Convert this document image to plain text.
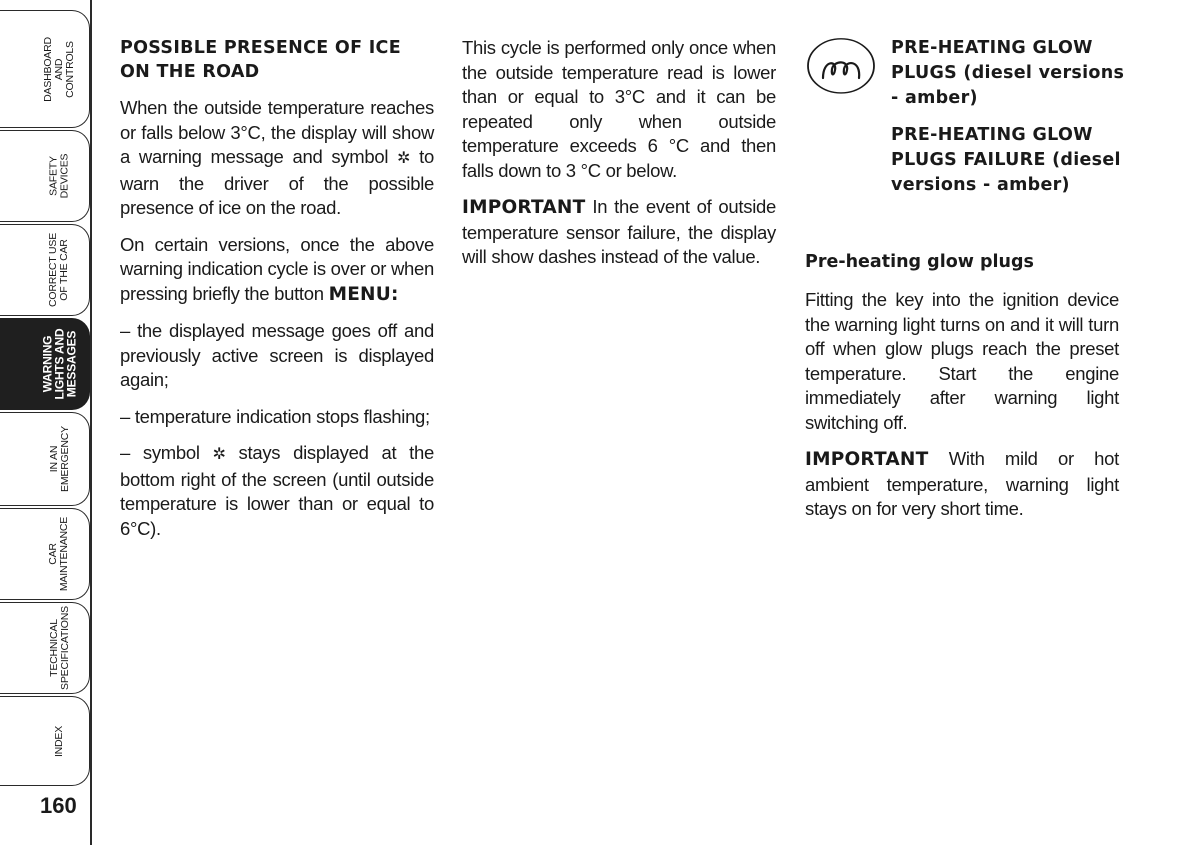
DASHBOARD
AND
CONTROLS
SAFETY
DEVICES
CORRECT USE
OF THE CAR
WARNING
LIGHTS AND
MESSAGES
IN AN
EMERGENCY
CAR
MAINTENANCE
TECHNICAL
SPECIFICATIONS
INDEX
160
POSSIBLE PRESENCE OF ICE ON THE ROAD

When the outside temperature reaches or falls below 3°C, the display will show a warning message and symbol ✲ to warn the driver of the possible presence of ice on the road.

On certain versions, once the above warning indication cycle is over or when pressing briefly the button MENU:

– the displayed message goes off and previously active screen is displayed again;

– temperature indication stops flashing;

– symbol ✲ stays displayed at the bottom right of the screen (until outside temperature is lower than or equal to 6°C).

This cycle is performed only once when the outside temperature read is lower than or equal to 3°C and it can be repeated only when outside temperature exceeds 6 °C and then falls down to 3 °C or below.

IMPORTANT In the event of outside temperature sensor failure, the display will show dashes instead of the value.

PRE-HEATING GLOW PLUGS (diesel versions - amber)
PRE-HEATING GLOW PLUGS FAILURE (diesel versions - amber)
Pre-heating glow plugs

Fitting the key into the ignition device the warning light turns on and it will turn off when glow plugs reach the preset temperature. Start the engine immediately after warning light switching off.

IMPORTANT With mild or hot ambient temperature, warning light stays on for very short time.
